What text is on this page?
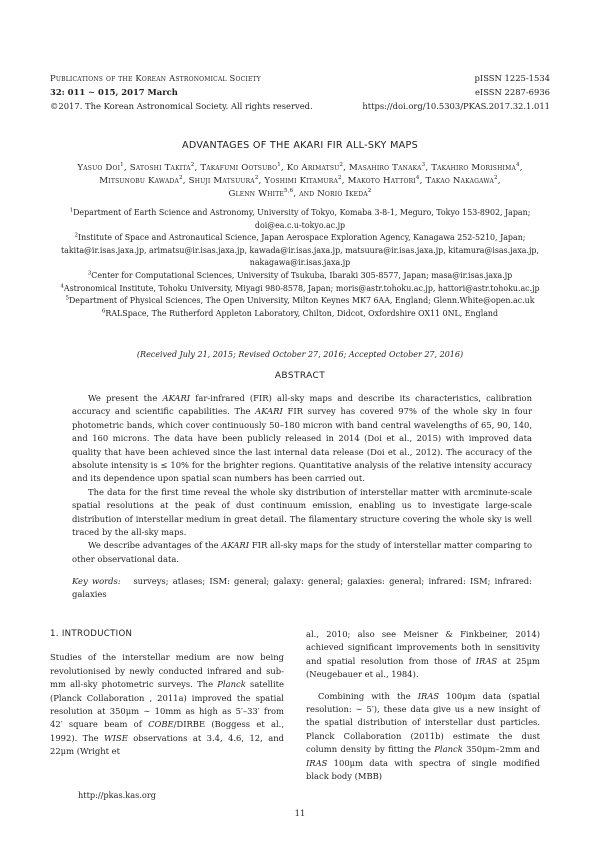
Publications of the Korean Astronomical Society
32: 011 ∼ 015, 2017 March
©2017. The Korean Astronomical Society. All rights reserved.
pISSN 1225-1534
eISSN 2287-6936
https://doi.org/10.5303/PKAS.2017.32.1.011
ADVANTAGES OF THE AKARI FIR ALL-SKY MAPS
Yasuo Doi$^1$, Satoshi Takita$^2$, Takafumi Ootsubo$^1$, Ko Arimatsu$^2$, Masahiro Tanaka$^3$, Takahiro Morishima$^4$,
Mitsunobu Kawada$^2$, Shuji Matsuura$^2$, Yoshimi Kitamura$^2$, Makoto Hattori$^4$, Takao Nakagawa$^2$,
Glenn White$^{5,6}$, and Norio Ikeda$^2$
$^1$Department of Earth Science and Astronomy, University of Tokyo, Komaba 3-8-1, Meguro, Tokyo 153-8902, Japan;
doi@ea.c.u-tokyo.ac.jp
$^2$Institute of Space and Astronautical Science, Japan Aerospace Exploration Agency, Kanagawa 252-5210, Japan;
takita@ir.isas.jaxa.jp, arimatsu@ir.isas.jaxa.jp, kawada@ir.isas.jaxa.jp, matsuura@ir.isas.jaxa.jp, kitamura@isas.jaxa.jp,
nakagawa@ir.isas.jaxa.jp
$^3$Center for Computational Sciences, University of Tsukuba, Ibaraki 305-8577, Japan; masa@ir.isas.jaxa.jp
$^4$Astronomical Institute, Tohoku University, Miyagi 980-8578, Japan; moris@astr.tohoku.ac.jp, hattori@astr.tohoku.ac.jp
$^5$Department of Physical Sciences, The Open University, Milton Keynes MK7 6AA, England; Glenn.White@open.ac.uk
$^6$RALSpace, The Rutherford Appleton Laboratory, Chilton, Didcot, Oxfordshire OX11 0NL, England
(Received July 21, 2015; Revised October 27, 2016; Accepted October 27, 2016)
ABSTRACT

We present the AKARI far-infrared (FIR) all-sky maps and describe its characteristics, calibration accuracy and scientific capabilities. The AKARI FIR survey has covered 97% of the whole sky in four photometric bands, which cover continuously 50–180 micron with band central wavelengths of 65, 90, 140, and 160 microns. The data have been publicly released in 2014 (Doi et al., 2015) with improved data quality that have been achieved since the last internal data release (Doi et al., 2012). The accuracy of the absolute intensity is ≤ 10% for the brighter regions. Quantitative analysis of the relative intensity accuracy and its dependence upon spatial scan numbers has been carried out.

The data for the first time reveal the whole sky distribution of interstellar matter with arcminute-scale spatial resolutions at the peak of dust continuum emission, enabling us to investigate large-scale distribution of interstellar medium in great detail. The filamentary structure covering the whole sky is well traced by the all-sky maps.

We describe advantages of the AKARI FIR all-sky maps for the study of interstellar matter comparing to other observational data.

Key words: surveys; atlases; ISM: general; galaxy: general; galaxies: general; infrared: ISM; infrared: galaxies

1. INTRODUCTION

Studies of the interstellar medium are now being revolutionised by newly conducted infrared and sub-mm all-sky photometric surveys. The Planck satellite (Planck Collaboration , 2011a) improved the spatial resolution at 350μm ∼ 10mm as high as 5′–33′ from 42′ square beam of COBE/DIRBE (Boggess et al., 1992). The WISE observations at 3.4, 4.6, 12, and 22μm (Wright et

al., 2010; also see Meisner & Finkbeiner, 2014) achieved significant improvements both in sensitivity and spatial resolution from those of IRAS at 25μm (Neugebauer et al., 1984).

Combining with the IRAS 100μm data (spatial resolution: ∼ 5′), these data give us a new insight of the spatial distribution of interstellar dust particles. Planck Collaboration (2011b) estimate the dust column density by fitting the Planck 350μm–2mm and IRAS 100μm data with spectra of single modified black body (MBB)

http://pkas.kas.org
11
